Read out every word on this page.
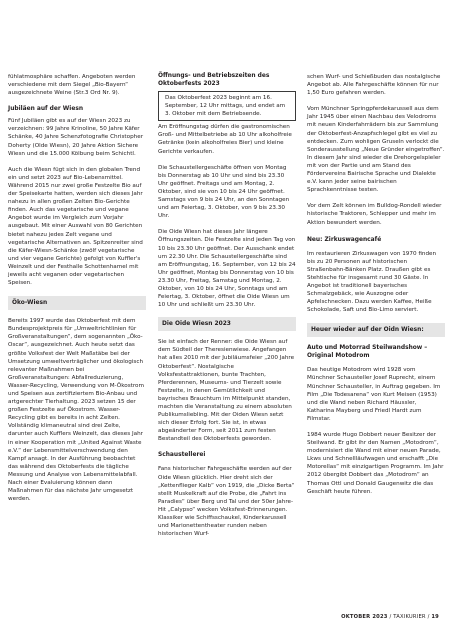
fühlatmosphäre schaffen. Angeboten werden verschiedene mit dem Siegel „Bio-Bayern“ ausgezeichnete Weine (Str.3 Ord Nr. 9).

Jubiläen auf der Wiesn

Fünf Jubiläen gibt es auf der Wiesn 2023 zu verzeichnen: 99 Jahre Krinoline, 50 Jahre Käfer Schänke, 40 Jahre Schenzfotografie Christopher Doherty (Olde Wiesn), 20 Jahre Aktion Sichere Wiesn und die 15.000 Kölbung beim Schichtl.

Auch die Wiesn fügt sich in den globalen Trend ein und setzt 2023 auf Bio-Lebensmittel. Während 2015 nur zwei große Festzelte Bio auf der Speisekarte hatten, werden sich dieses Jahr nahezu in allen großen Zelten Bio-Gerichte finden. Auch das vegetarische und vegane Angebot wurde im Vergleich zum Vorjahr ausgebaut. Mit einer Auswahl von 80 Gerichten bietet nahezu jedes Zelt vegane und vegetarische Alternativen an. Spitzenreiter sind die Käfer-Wiesn-Schänke (zwölf vegetarische und vier vegane Gerichte) gefolgt von Kuffler's Weinzelt und der Festhalle Schottenhamel mit jeweils acht veganen oder vegetarischen Speisen.

Öko-Wiesn

Bereits 1997 wurde das Oktoberfest mit dem Bundesprojektpreis für „Umweltrichtlinien für Großveranstaltungen“, dem sogenannten „Öko-Oscar“, ausgezeichnet. Auch heute setzt das größte Volksfest der Welt Maßstäbe bei der Umsetzung umweltverträglicher und ökologisch relevanter Maßnahmen bei Großveranstaltungen: Abfallreduzierung, Wasser-Recycling, Verwendung von M-Ökostrom und Speisen aus zertifiziertem Bio-Anbau und artgerechter Tierhaltung. 2023 setzen 15 der großen Festzelte auf Ökostrom. Wasser-Recycling gibt es bereits in acht Zelten. Vollständig klimaneutral sind drei Zelte, darunter auch Kufflers Weinzelt, das dieses Jahr in einer Kooperation mit „United Against Waste e.V.“ der Lebensmittelverschwendung den Kampf ansagt. In der Ausführung beobachtet das während des Oktoberfests die tägliche Messung und Analyse von Lebensmittelabfall. Nach einer Evaluierung können dann Maßnahmen für das nächste Jahr umgesetzt werden.

Öffnungs- und Betriebszeiten des Oktoberfests 2023

Das Oktoberfest 2023 beginnt am 16. September, 12 Uhr mittags, und endet am 3. Oktober mit dem Betriebsende.

Am Eröffnungstag dürfen die gastronomischen Groß- und Mittelbetriebe ab 10 Uhr alkoholfreie Getränke (kein alkoholfreies Bier) und kleine Gerichte verkaufen.

Die Schaustellergeschäfte öffnen von Montag bis Donnerstag ab 10 Uhr und sind bis 23.30 Uhr geöffnet. Freitags und am Montag, 2. Oktober, sind sie von 10 bis 24 Uhr geöffnet. Samstags von 9 bis 24 Uhr, an den Sonntagen und am Feiertag, 3. Oktober, von 9 bis 23.30 Uhr.

Die Oide Wiesn hat dieses Jahr längere Öffnungszeiten. Die Festzelte sind jeden Tag von 10 bis 23.30 Uhr geöffnet. Der Ausschank endet um 22.30 Uhr. Die Schaustellergeschäfte sind am Eröffnungstag, 16. September, von 12 bis 24 Uhr geöffnet, Montag bis Donnerstag von 10 bis 23.30 Uhr, Freitag, Samstag und Montag, 2. Oktober, von 10 bis 24 Uhr, Sonntags und am Feiertag, 3. Oktober, öffnet die Oide Wiesn um 10 Uhr und schließt um 23.30 Uhr.

Die Oide Wiesn 2023

Sie ist einfach der Renner: die Oide Wiesn auf dem Südteil der Theresienwiese. Angefangen hat alles 2010 mit der Jubiläumsfeier „200 Jahre Oktoberfest“. Nostalgische Volksfestattraktionen, bunte Trachten, Pferderennen, Museums- und Tierzelt sowie Festzelte, in denen Gemütlichkeit und bayrisches Brauchtum im Mittelpunkt standen, machten die Veranstaltung zu einem absoluten Publikumsliebling. Mit der Oiden Wiesn setzt sich dieser Erfolg fort. Sie ist, in etwas abgeänderter Form, seit 2011 zum festen Bestandteil des Oktoberfests geworden.

Schaustellerei

Fans historischer Fahrgeschäfte werden auf der Oide Wiesn glücklich. Hier dreht sich der „Kettenflieger Kalb“ von 1919, die „Dicke Berta“ stellt Muskelkraft auf die Probe, die „Fahrt ins Paradies“ über Berg und Tal und der 50er Jahre-Hit „Calypso“ wecken Volksfest-Erinnerungen. Klassiker wie Schiffsschaukel, Kinderkarussell und Marionettentheater runden neben historischen Wurf-

schen Wurf- und Schießbuden das nostalgische Angebot ab. Alle Fahrgeschäfte können für nur 1,50 Euro gefahren werden.

Vom Münchner Springpferdekarussell aus dem Jahr 1945 über einen Nachbau des Velodroms mit neuen Kinderfahrrädern bis zur Sammlung der Oktoberfest-Anzapfschlegel gibt es viel zu entdecken. Zum wohligen Gruseln verlockt die Sonderausstellung „Neue Gründer eingetroffen“. In diesem Jahr sind wieder die Drehorgelspieler mit von der Partie und am Stand des Fördervereins Bairische Sprache und Dialekte e.V. kann jeder seine bairischen Sprachkenntnisse testen.

Vor dem Zelt können im Bulldog-Rondell wieder historische Traktoren, Schlepper und mehr im Aktion bewundert werden.

Neu: Zirkuswagencafé

Im restaurieren Zirkuswagen von 1970 finden bis zu 20 Personen auf historischen Straßenbahn-Bänken Platz. Draußen gibt es Stehtische für insgesamt rund 30 Gäste. In Angebot ist traditionell bayerisches Schmalzgebäck, wie Auszogne oder Apfelschnecken. Dazu werden Kaffee, Heiße Schokolade, Saft und Bio-Limo serviert.

Heuer wieder auf der Oidn Wiesn:
Auto und Motorrad Steilwandshow – Original Motodrom

Das heutige Motodrom wird 1928 vom Münchner Schausteller Josef Ruprecht, einem Münchner Schausteller, in Auftrag gegeben. Im Film „Die Todesarena“ von Kurt Meisen (1953) und die Wand neben Richard Häussler, Katharina Mayberg und Friedl Hardt zum Filmstar.

1984 wurde Hugo Dobbert neuer Besitzer der Steilwand. Er gibt ihr den Namen „Motodrom“, modernisiert die Wand mit einer neuen Parade, Lkws und Schnellläufwagen und erschafft „Die Motorellas“ mit einzigartigen Programm. Im Jahr 2012 übergibt Dobbert das „Motodrom“ an Thomas Ottl und Donald Gaugenwitz die das Geschäft heute führen.

OKTOBER 2023 / TAXIKURIER / 19
